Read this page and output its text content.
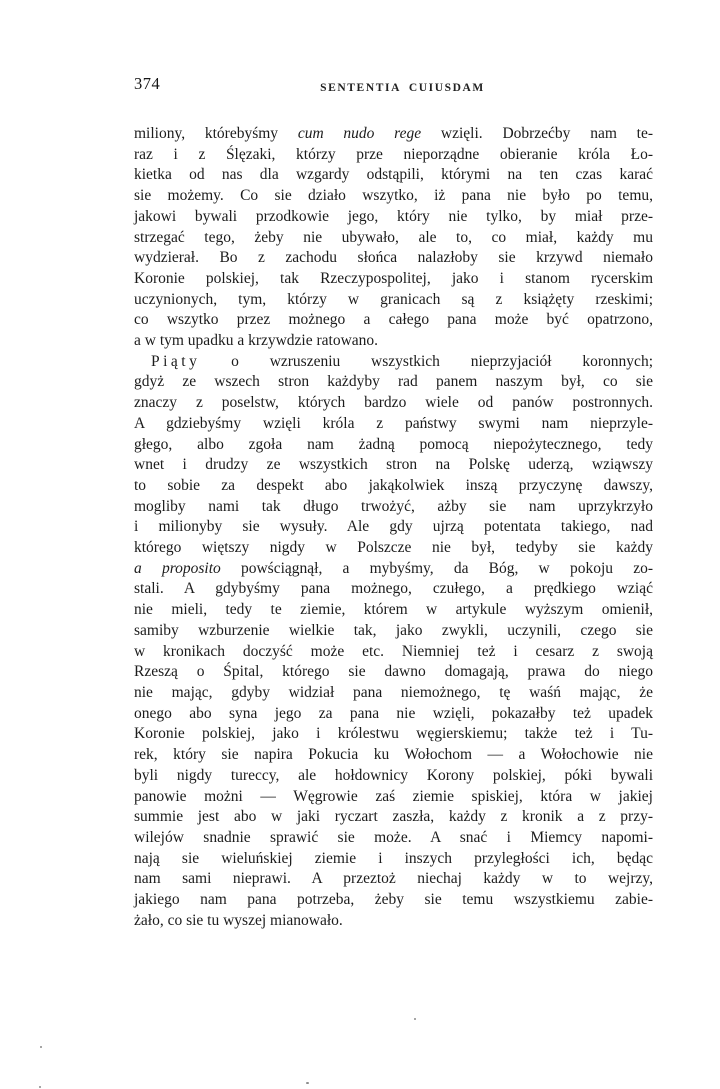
374	SENTENTIA CUIUSDAM
miliony, którebyśmy cum nudo rege wzięli. Dobrzećby nam te-
raz i z Ślęzaki, którzy prze nieporządne obieranie króla Ło-
kietka od nas dla wzgardy odstąpili, którymi na ten czas karać
sie możemy. Co sie działo wszytko, iż pana nie było po temu,
jakowi bywali przodkowie jego, który nie tylko, by miał prze-
strzegać tego, żeby nie ubywało, ale to, co miał, każdy mu
wydzierał. Bo z zachodu słońca nalazłoby sie krzywd niemało
Koronie polskiej, tak Rzeczypospolitej, jako i stanom rycerskim
uczynionych, tym, którzy w granicach są z książęty rzeskimi;
co wszytko przez możnego a całego pana może być opatrzono,
a w tym upadku a krzywdzie ratowano.
Piąty o wzruszeniu wszystkich nieprzyjaciół koronnych;
gdyż ze wszech stron każdyby rad panem naszym był, co sie
znaczy z poselstw, których bardzo wiele od panów postronnych.
A gdziebyśmy wzięli króla z państwy swymi nam nieprzyle-
głego, albo zgoła nam żadną pomocą niepożytecznego, tedy
wnet i drudzy ze wszystkich stron na Polskę uderzą, wziąwszy
to sobie za despekt abo jakąkolwiek inszą przyczynę dawszy,
mogliby nami tak długo trwożyć, ażby sie nam uprzykrzyło
i milionyby sie wysuły. Ale gdy ujrzą potentata takiego, nad
którego więtszy nigdy w Polszcze nie był, tedyby sie każdy
a proposito powściągnął, a mybyśmy, da Bóg, w pokoju zo-
stali. A gdybyśmy pana możnego, czułego, a prędkiego wziąć
nie mieli, tedy te ziemie, którem w artykule wyższym omienił,
samiby wzburzenie wielkie tak, jako zwykli, uczynili, czego sie
w kronikach doczyść może etc. Niemniej też i cesarz z swoją
Rzeszą o Śpital, którego sie dawno domagają, prawa do niego
nie mając, gdyby widział pana niemożnego, tę waśń mając, że
onego abo syna jego za pana nie wzięli, pokazałby też upadek
Koronie polskiej, jako i królestwu węgierskiemu; także też i Tu-
rek, który sie napira Pokucia ku Wołochom — a Wołochowie nie
byli nigdy tureccy, ale hołdownicy Korony polskiej, póki bywali
panowie możni — Węgrowie zaś ziemie spiskiej, która w jakiej
summie jest abo w jaki ryczart zaszła, każdy z kronik a z przy-
wilejów snadnie sprawić sie może. A snać i Miemcy napomi-
nają sie wieluńskiej ziemie i inszych przyległości ich, będąc
nam sami nieprawi. A przeztoż niechaj każdy w to wejrzy,
jakiego nam pana potrzeba, żeby sie temu wszystkiemu zabie-
żało, co sie tu wyszej mianowało.
